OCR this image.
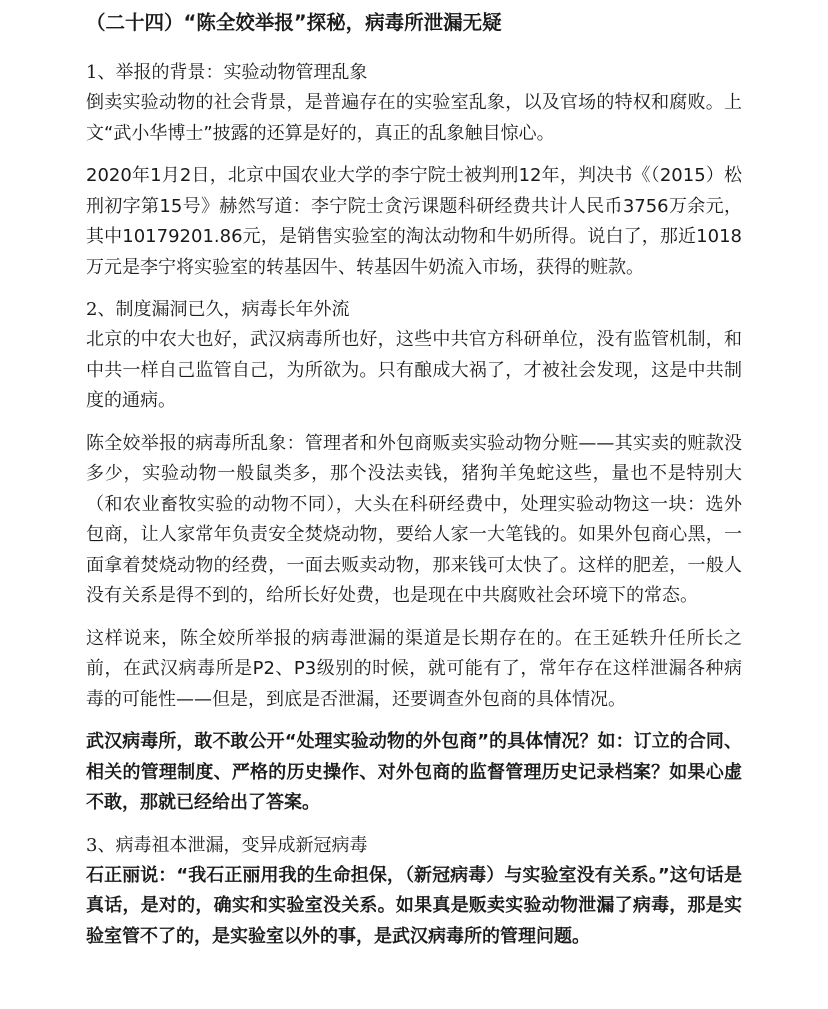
（二十四）“陈全姣举报”探秘，病毒所泄漏无疑
1、举报的背景：实验动物管理乱象

倒卖实验动物的社会背景，是普遍存在的实验室乱象，以及官场的特权和腐败。上文“武小华博士”披露的还算是好的，真正的乱象触目惊心。

2020年1月2日，北京中国农业大学的李宁院士被判刑12年，判决书《（2015）松刑初字第15号》赫然写道：李宁院士贪污课题科研经费共计人民币3756万余元，其中10179201.86元，是销售实验室的淘汰动物和牛奶所得。说白了，那近1018万元是李宁将实验室的转基因牛、转基因牛奶流入市场，获得的赃款。

2、制度漏洞已久，病毒长年外流

北京的中农大也好，武汉病毒所也好，这些中共官方科研单位，没有监管机制，和中共一样自己监管自己，为所欲为。只有酿成大祸了，才被社会发现，这是中共制度的通病。

陈全姣举报的病毒所乱象：管理者和外包商贩卖实验动物分赃——其实卖的赃款没多少，实验动物一般鼠类多，那个没法卖钱，猪狗羊兔蛇这些，量也不是特别大（和农业畜牧实验的动物不同），大头在科研经费中，处理实验动物这一块：选外包商，让人家常年负责安全焚烧动物，要给人家一大笔钱的。如果外包商心黑，一面拿着焚烧动物的经费，一面去贩卖动物，那来钱可太快了。这样的肥差，一般人没有关系是得不到的，给所长好处费，也是现在中共腐败社会环境下的常态。

这样说来，陈全姣所举报的病毒泄漏的渠道是长期存在的。在王延轶升任所长之前，在武汉病毒所是P2、P3级别的时候，就可能有了，常年存在这样泄漏各种病毒的可能性——但是，到底是否泄漏，还要调查外包商的具体情况。

武汉病毒所，敢不敢公开“处理实验动物的外包商”的具体情况？如：订立的合同、相关的管理制度、严格的历史操作、对外包商的监督管理历史记录档案？如果心虚不敢，那就已经给出了答案。

3、病毒祖本泄漏，变异成新冠病毒

石正丽说：“我石正丽用我的生命担保，（新冠病毒）与实验室没有关系。”这句话是真话，是对的，确实和实验室没关系。如果真是贩卖实验动物泄漏了病毒，那是实验室管不了的，是实验室以外的事，是武汉病毒所的管理问题。
